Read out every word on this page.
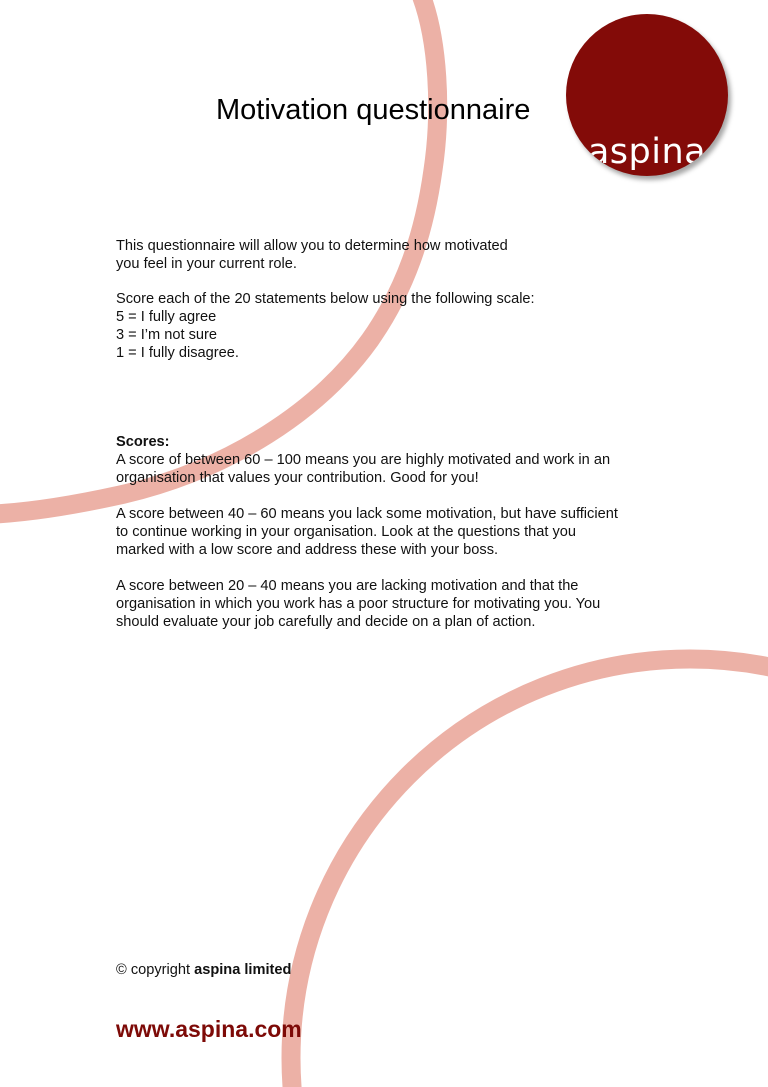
aspina
Motivation questionnaire

This questionnaire will allow you to determine how motivated

you feel in your current role.

Score each of the 20 statements below using the following scale:

5 = I fully agree

3 = I’m not sure

1 = I fully disagree.

Scores:

A score of between 60 – 100 means you are highly motivated and work in an

organisation that values your contribution. Good for you!

A score between 40 – 60 means you lack some motivation, but have sufficient

to continue working in your organisation. Look at the questions that you

marked with a low score and address these with your boss.

A score between 20 – 40 means you are lacking motivation and that the

organisation in which you work has a poor structure for motivating you. You

should evaluate your job carefully and decide on a plan of action.

© copyright aspina limited
www.aspina.com
